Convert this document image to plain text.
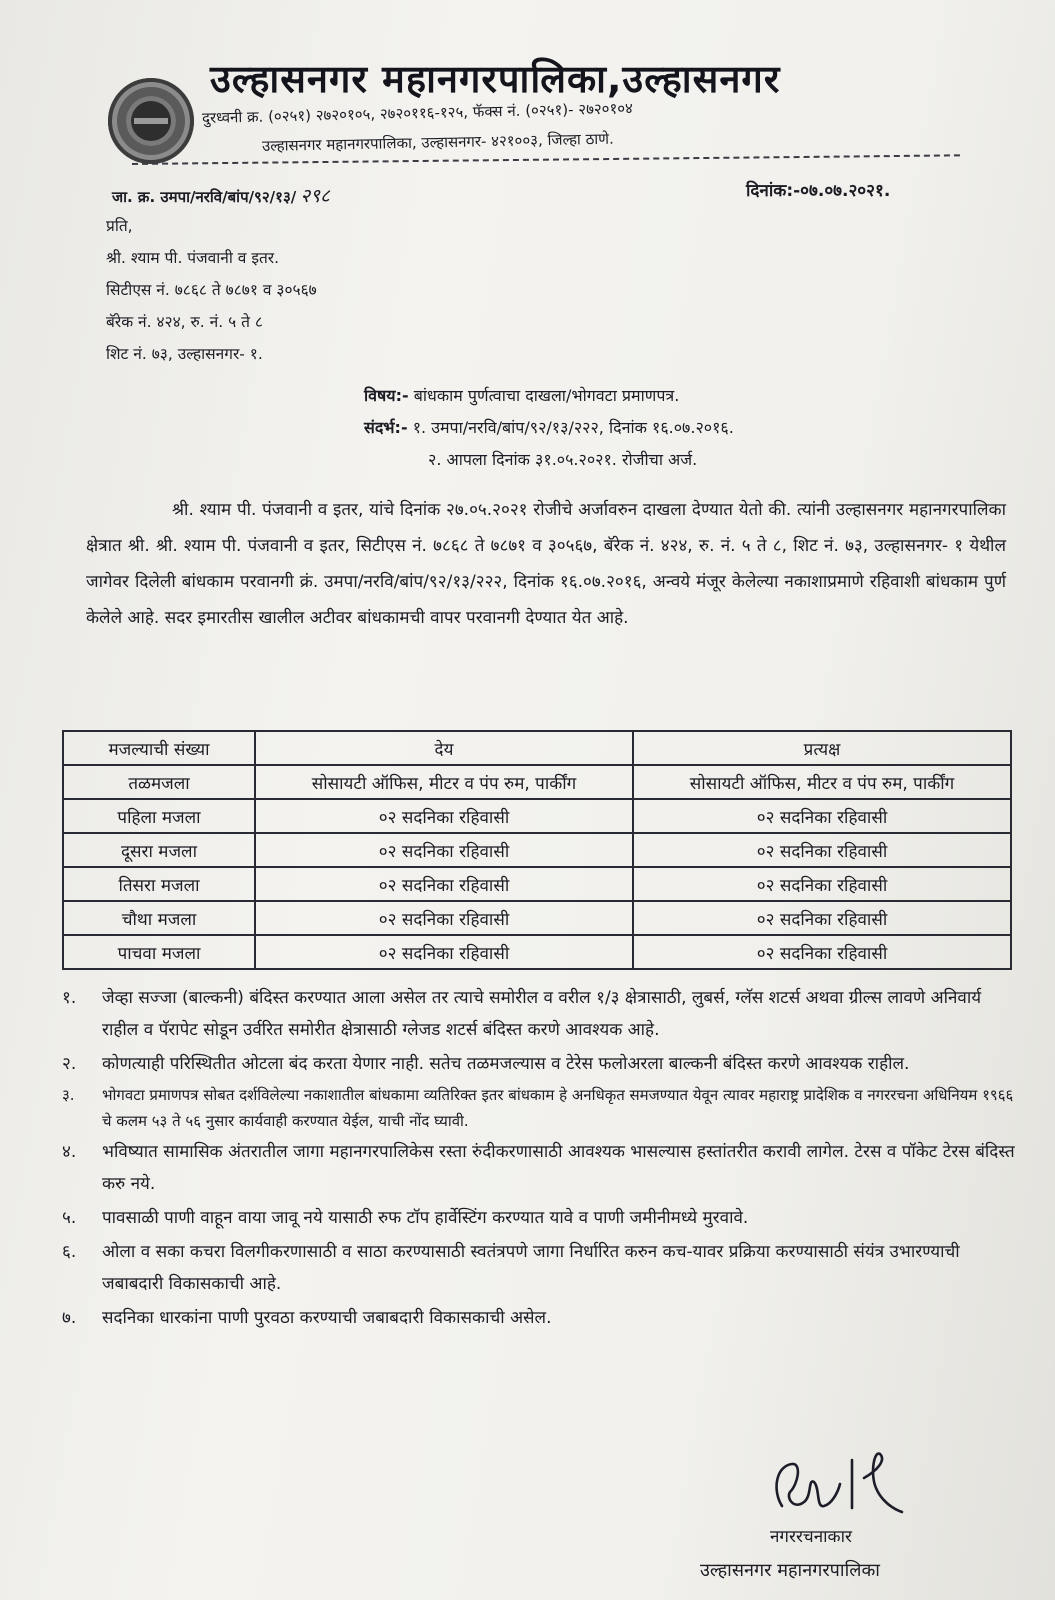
उल्हासनगर महानगरपालिका,उल्हासनगर
दुरध्वनी क्र. (०२५१) २७२०१०५, २७२०११६-१२५, फॅक्स नं. (०२५१)- २७२०१०४
उल्हासनगर महानगरपालिका, उल्हासनगर- ४२१००३, जिल्हा ठाणे.
जा. क्र. उमपा/नरवि/बांप/९२/१३/ २९८	दिनांक:-०७.०७.२०२१.
प्रति,
श्री. श्याम पी. पंजवानी व इतर.
सिटीएस नं. ७८६८ ते ७८७१ व ३०५६७
बॅरेक नं. ४२४, रु. नं. ५ ते ८
शिट नं. ७३, उल्हासनगर- १.
विषय:- बांधकाम पुर्णत्वाचा दाखला/भोगवटा प्रमाणपत्र.
संदर्भ:- १. उमपा/नरवि/बांप/९२/१३/२२२, दिनांक १६.०७.२०१६.
२. आपला दिनांक ३१.०५.२०२१. रोजीचा अर्ज.

श्री. श्याम पी. पंजवानी व इतर, यांचे दिनांक २७.०५.२०२१ रोजीचे अर्जावरुन दाखला देण्यात येतो की. त्यांनी उल्हासनगर महानगरपालिका क्षेत्रात श्री. श्री. श्याम पी. पंजवानी व इतर, सिटीएस नं. ७८६८ ते ७८७१ व ३०५६७, बॅरेक नं. ४२४, रु. नं. ५ ते ८, शिट नं. ७३, उल्हासनगर- १ येथील जागेवर दिलेली बांधकाम परवानगी क्रं. उमपा/नरवि/बांप/९२/१३/२२२, दिनांक १६.०७.२०१६, अन्वये मंजूर केलेल्या नकाशाप्रमाणे रहिवाशी बांधकाम पुर्ण केलेले आहे. सदर इमारतीस खालील अटीवर बांधकामची वापर परवानगी देण्यात येत आहे.

मजल्याची संख्या	देय	प्रत्यक्ष
तळमजला	सोसायटी ऑफिस, मीटर व पंप रुम, पार्कींग	सोसायटी ऑफिस, मीटर व पंप रुम, पार्कींग
पहिला मजला	०२ सदनिका रहिवासी	०२ सदनिका रहिवासी
दूसरा मजला	०२ सदनिका रहिवासी	०२ सदनिका रहिवासी
तिसरा मजला	०२ सदनिका रहिवासी	०२ सदनिका रहिवासी
चौथा मजला	०२ सदनिका रहिवासी	०२ सदनिका रहिवासी
पाचवा मजला	०२ सदनिका रहिवासी	०२ सदनिका रहिवासी
१.	जेव्हा सज्जा (बाल्कनी) बंदिस्त करण्यात आला असेल तर त्याचे समोरील व वरील १/३ क्षेत्रासाठी, लुबर्स, ग्लॅस शटर्स अथवा ग्रील्स लावणे अनिवार्य राहील व पॅरापेट सोडून उर्वरित समोरीत क्षेत्रासाठी ग्लेजड शटर्स बंदिस्त करणे आवश्यक आहे.
२.	कोणत्याही परिस्थितीत ओटला बंद करता येणार नाही. सतेच तळमजल्यास व टेरेस फलोअरला बाल्कनी बंदिस्त करणे आवश्यक राहील.
३.	भोगवटा प्रमाणपत्र सोबत दर्शविलेल्या नकाशातील बांधकामा व्यतिरिक्त इतर बांधकाम हे अनधिकृत समजण्यात येवून त्यावर महाराष्ट्र प्रादेशिक व नगररचना अधिनियम १९६६ चे कलम ५३ ते ५६ नुसार कार्यवाही करण्यात येईल, याची नोंद घ्यावी.
४.	भविष्यात सामासिक अंतरातील जागा महानगरपालिकेस रस्ता रुंदीकरणासाठी आवश्यक भासल्यास हस्तांतरीत करावी लागेल. टेरस व पॉकेट टेरस बंदिस्त करु नये.
५.	पावसाळी पाणी वाहून वाया जावू नये यासाठी रुफ टॉप हार्वेस्टिंग करण्यात यावे व पाणी जमीनीमध्ये मुरवावे.
६.	ओला व सका कचरा विलगीकरणासाठी व साठा करण्यासाठी स्वतंत्रपणे जागा निर्धारित करुन कच-यावर प्रक्रिया करण्यासाठी संयंत्र उभारण्याची जबाबदारी विकासकाची आहे.
७.	सदनिका धारकांना पाणी पुरवठा करण्याची जबाबदारी विकासकाची असेल.
नगररचनाकार
उल्हासनगर महानगरपालिका
